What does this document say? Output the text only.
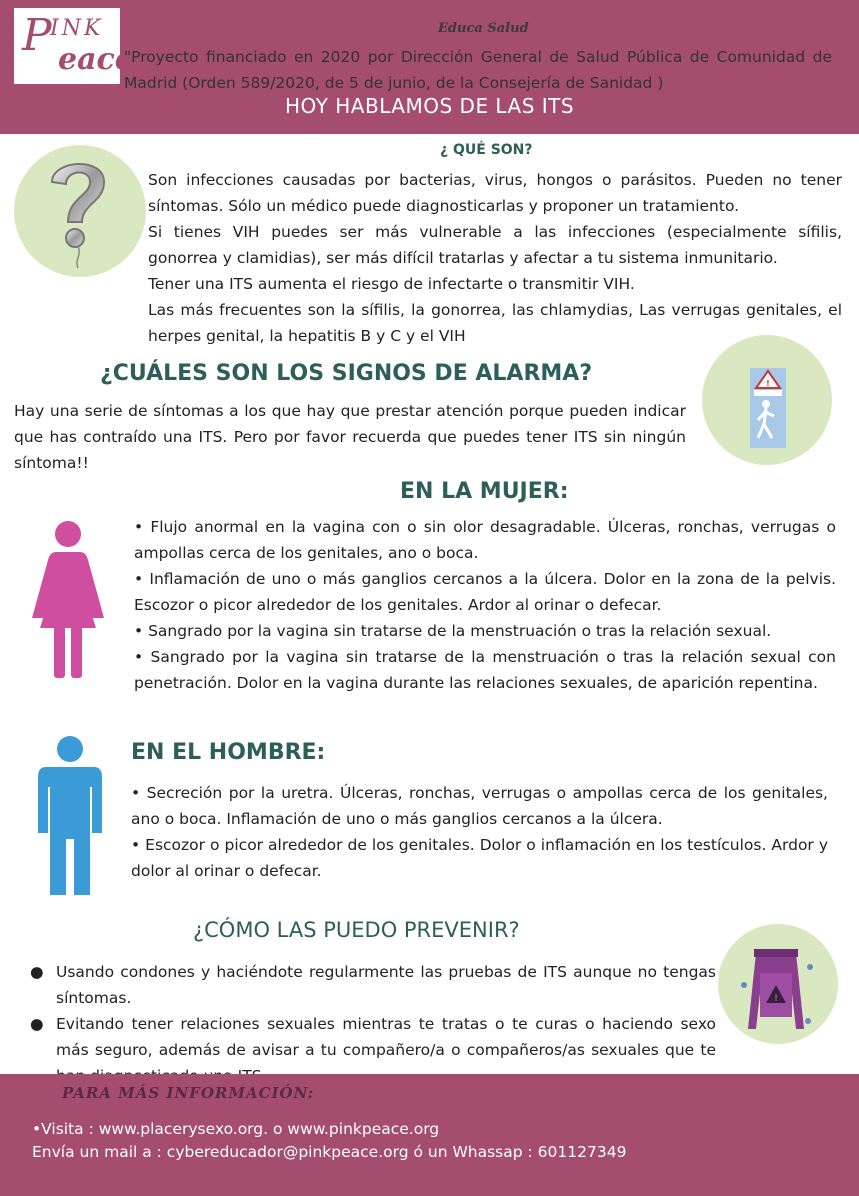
P
INK
eace
Educa Salud
"Proyecto financiado en 2020 por Dirección General de Salud Pública de Comunidad de Madrid (Orden 589/2020, de 5 de junio, de la Consejería de Sanidad )
HOY HABLAMOS DE LAS ITS
¿ QUÉ SON?

Son infecciones causadas por bacterias, virus, hongos o parásitos. Pueden no tener síntomas. Sólo un médico puede diagnosticarlas y proponer un tratamiento.

Si tienes VIH puedes ser más vulnerable a las infecciones (especialmente sífilis, gonorrea y clamidias), ser más difícil tratarlas y afectar a tu sistema inmunitario.

Tener una ITS aumenta el riesgo de infectarte o transmitir VIH.

Las más frecuentes son la sífilis, la gonorrea, las chlamydias, Las verrugas genitales, el herpes genital, la hepatitis B y C y el VIH

¿CUÁLES SON LOS SIGNOS DE ALARMA?	!
Hay una serie de síntomas a los que hay que prestar atención porque pueden indicar que has contraído una ITS. Pero por favor recuerda que puedes tener ITS sin ningún síntoma!!
EN LA MUJER:

• Flujo anormal en la vagina con o sin olor desagradable. Úlceras, ronchas, verrugas o ampollas cerca de los genitales, ano o boca.

• Inflamación de uno o más ganglios cercanos a la úlcera. Dolor en la zona de la pelvis. Escozor o picor alrededor de los genitales. Ardor al orinar o defecar.

• Sangrado por la vagina sin tratarse de la menstruación o tras la relación sexual.

• Sangrado por la vagina sin tratarse de la menstruación o tras la relación sexual con penetración. Dolor en la vagina durante las relaciones sexuales, de aparición repentina.

EN EL HOMBRE:

• Secreción por la uretra. Úlceras, ronchas, verrugas o ampollas cerca de los genitales, ano o boca. Inflamación de uno o más ganglios cercanos a la úlcera.

• Escozor o picor alrededor de los genitales. Dolor o inflamación en los testículos. Ardor y dolor al orinar o defecar.

¿CÓMO LAS PUEDO PREVENIR?
!
● Usando condones y haciéndote regularmente las pruebas de ITS aunque no tengas síntomas.
● Evitando tener relaciones sexuales mientras te tratas o te curas o haciendo sexo más seguro, además de avisar a tu compañero/a o compañeros/as sexuales que te
PARA MÁS INFORMACIÓN:
•Visita : www.placerysexo.org. o www.pinkpeace.org
Envía un mail a : cybereducador@pinkpeace.org ó un Whassap : 601127349
